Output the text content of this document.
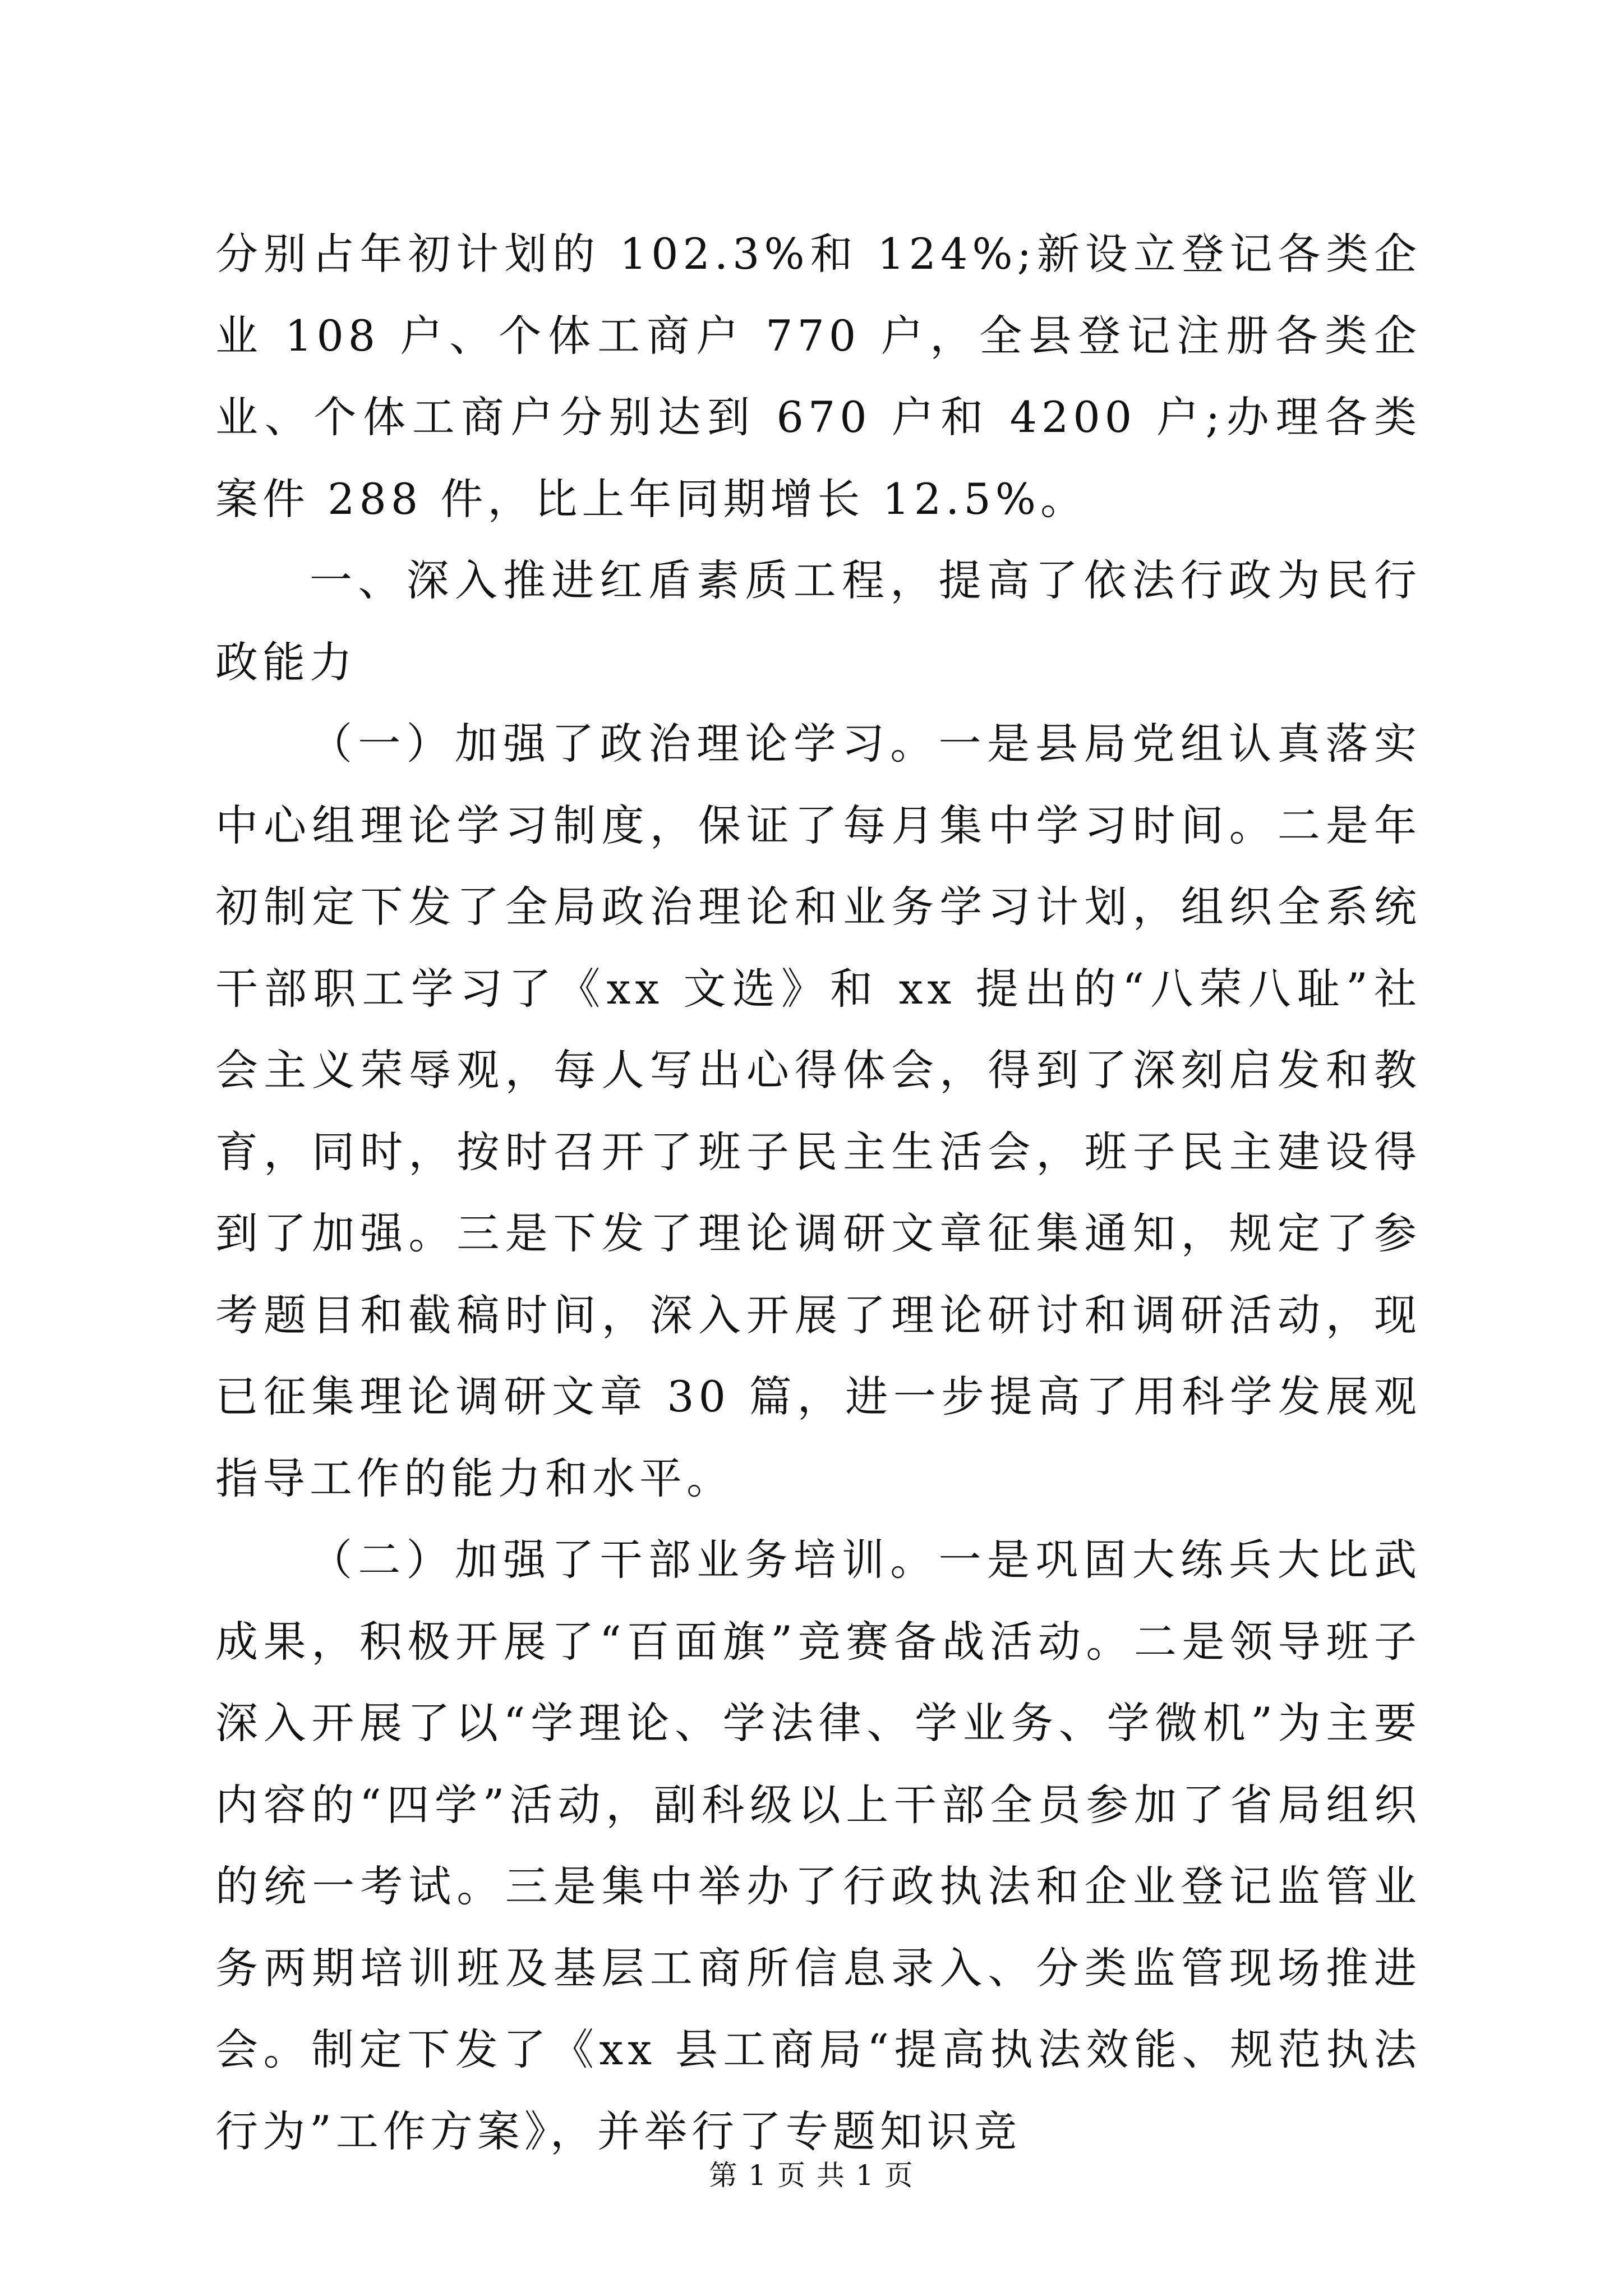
分别占年初计划的 102.3%和 124%;新设立登记各类企业 108 户、个体工商户 770 户，全县登记注册各类企业、个体工商户分别达到 670 户和 4200 户;办理各类案件 288 件，比上年同期增长 12.5%。

一、深入推进红盾素质工程，提高了依法行政为民行政能力

（一）加强了政治理论学习。一是县局党组认真落实中心组理论学习制度，保证了每月集中学习时间。二是年初制定下发了全局政治理论和业务学习计划，组织全系统干部职工学习了《xx 文选》和 xx 提出的“八荣八耻”社会主义荣辱观，每人写出心得体会，得到了深刻启发和教育，同时，按时召开了班子民主生活会，班子民主建设得到了加强。三是下发了理论调研文章征集通知，规定了参考题目和截稿时间，深入开展了理论研讨和调研活动，现已征集理论调研文章 30 篇，进一步提高了用科学发展观指导工作的能力和水平。

（二）加强了干部业务培训。一是巩固大练兵大比武成果，积极开展了“百面旗”竞赛备战活动。二是领导班子深入开展了以“学理论、学法律、学业务、学微机”为主要内容的“四学”活动，副科级以上干部全员参加了省局组织的统一考试。三是集中举办了行政执法和企业登记监管业务两期培训班及基层工商所信息录入、分类监管现场推进会。制定下发了《xx 县工商局“提高执法效能、规范执法行为”工作方案》，并举行了专题知识竞

第 1 页 共 1 页
